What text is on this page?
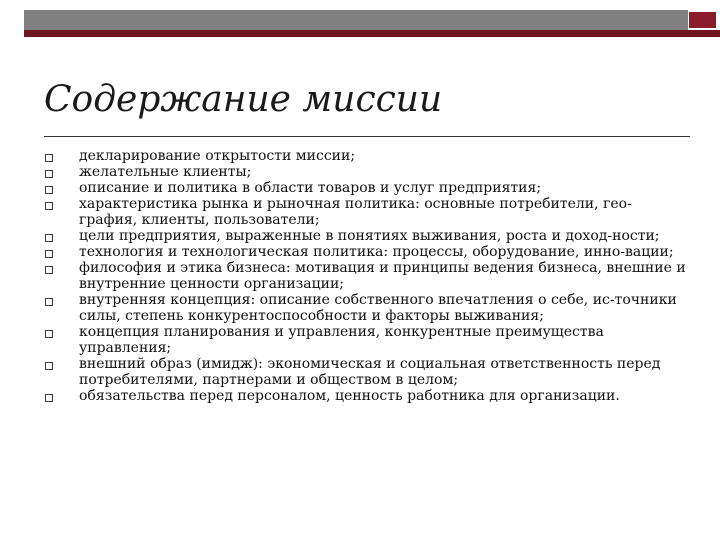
Содержание миссии
декларирование открытости миссии;
желательные клиенты;
описание и политика в области товаров и услуг предприятия;
характеристика рынка и рыночная политика: основные потребители, гео-графия, клиенты, пользователи;
цели предприятия, выраженные в понятиях выживания, роста и доход-ности;
технология и технологическая политика: процессы, оборудование, инно-вации;
философия и этика бизнеса: мотивация и принципы ведения бизнеса, внешние и внутренние ценности организации;
внутренняя концепция: описание собственного впечатления о себе, ис-точники силы, степень конкурентоспособности и факторы выживания;
концепция планирования и управления, конкурентные преимущества управления;
внешний образ (имидж): экономическая и социальная ответственность перед потребителями, партнерами и обществом в целом;
обязательства перед персоналом, ценность работника для организации.
